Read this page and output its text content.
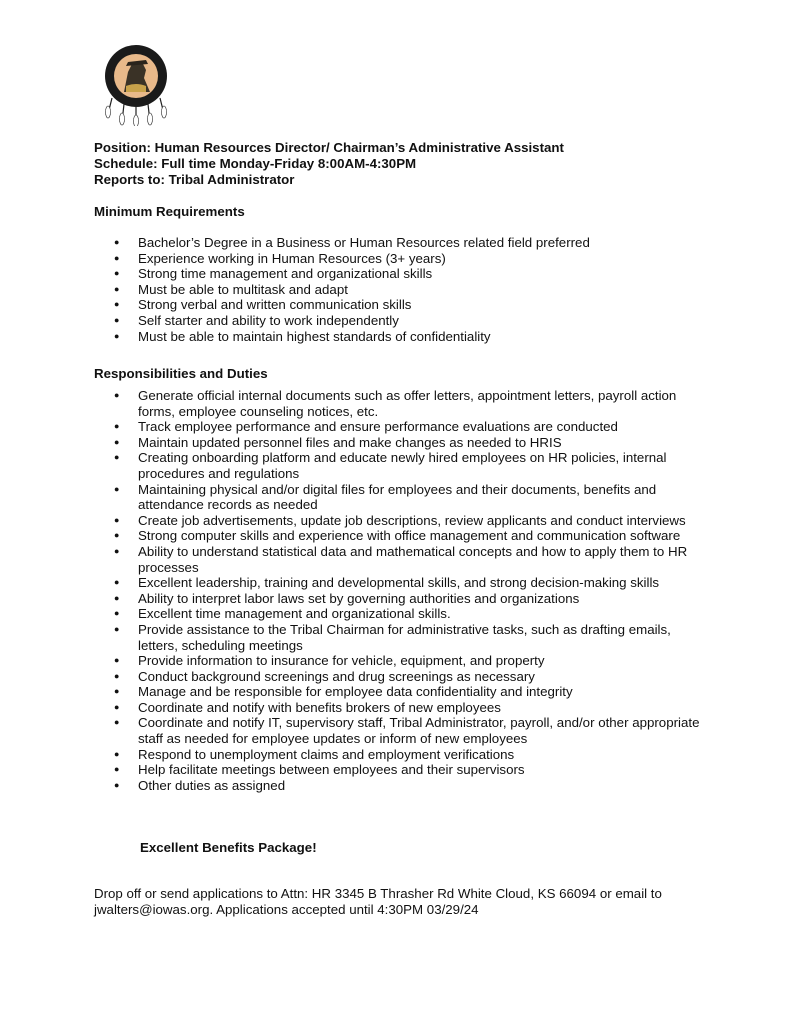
Position: Human Resources Director/ Chairman’s Administrative Assistant
Schedule: Full time Monday-Friday 8:00AM-4:30PM
Reports to: Tribal Administrator
Minimum Requirements
● Bachelor’s Degree in a Business or Human Resources related field preferred
● Experience working in Human Resources (3+ years)
● Strong time management and organizational skills
● Must be able to multitask and adapt
● Strong verbal and written communication skills
● Self starter and ability to work independently
● Must be able to maintain highest standards of confidentiality
Responsibilities and Duties
● Generate official internal documents such as offer letters, appointment letters, payroll action forms, employee counseling notices, etc.
● Track employee performance and ensure performance evaluations are conducted
● Maintain updated personnel files and make changes as needed to HRIS
● Creating onboarding platform and educate newly hired employees on HR policies, internal procedures and regulations
● Maintaining physical and/or digital files for employees and their documents, benefits and attendance records as needed
● Create job advertisements, update job descriptions, review applicants and conduct interviews
● Strong computer skills and experience with office management and communication software
● Ability to understand statistical data and mathematical concepts and how to apply them to HR processes
● Excellent leadership, training and developmental skills, and strong decision-making skills
● Ability to interpret labor laws set by governing authorities and organizations
● Excellent time management and organizational skills.
● Provide assistance to the Tribal Chairman for administrative tasks, such as drafting emails, letters, scheduling meetings
● Provide information to insurance for vehicle, equipment, and property
● Conduct background screenings and drug screenings as necessary
● Manage and be responsible for employee data confidentiality and integrity
● Coordinate and notify with benefits brokers of new employees
● Coordinate and notify IT, supervisory staff, Tribal Administrator, payroll, and/or other appropriate staff as needed for employee updates or inform of new employees
● Respond to unemployment claims and employment verifications
● Help facilitate meetings between employees and their supervisors
● Other duties as assigned
Excellent Benefits Package!
Drop off or send applications to Attn: HR 3345 B Thrasher Rd White Cloud, KS 66094 or email to jwalters@iowas.org. Applications accepted until 4:30PM 03/29/24
